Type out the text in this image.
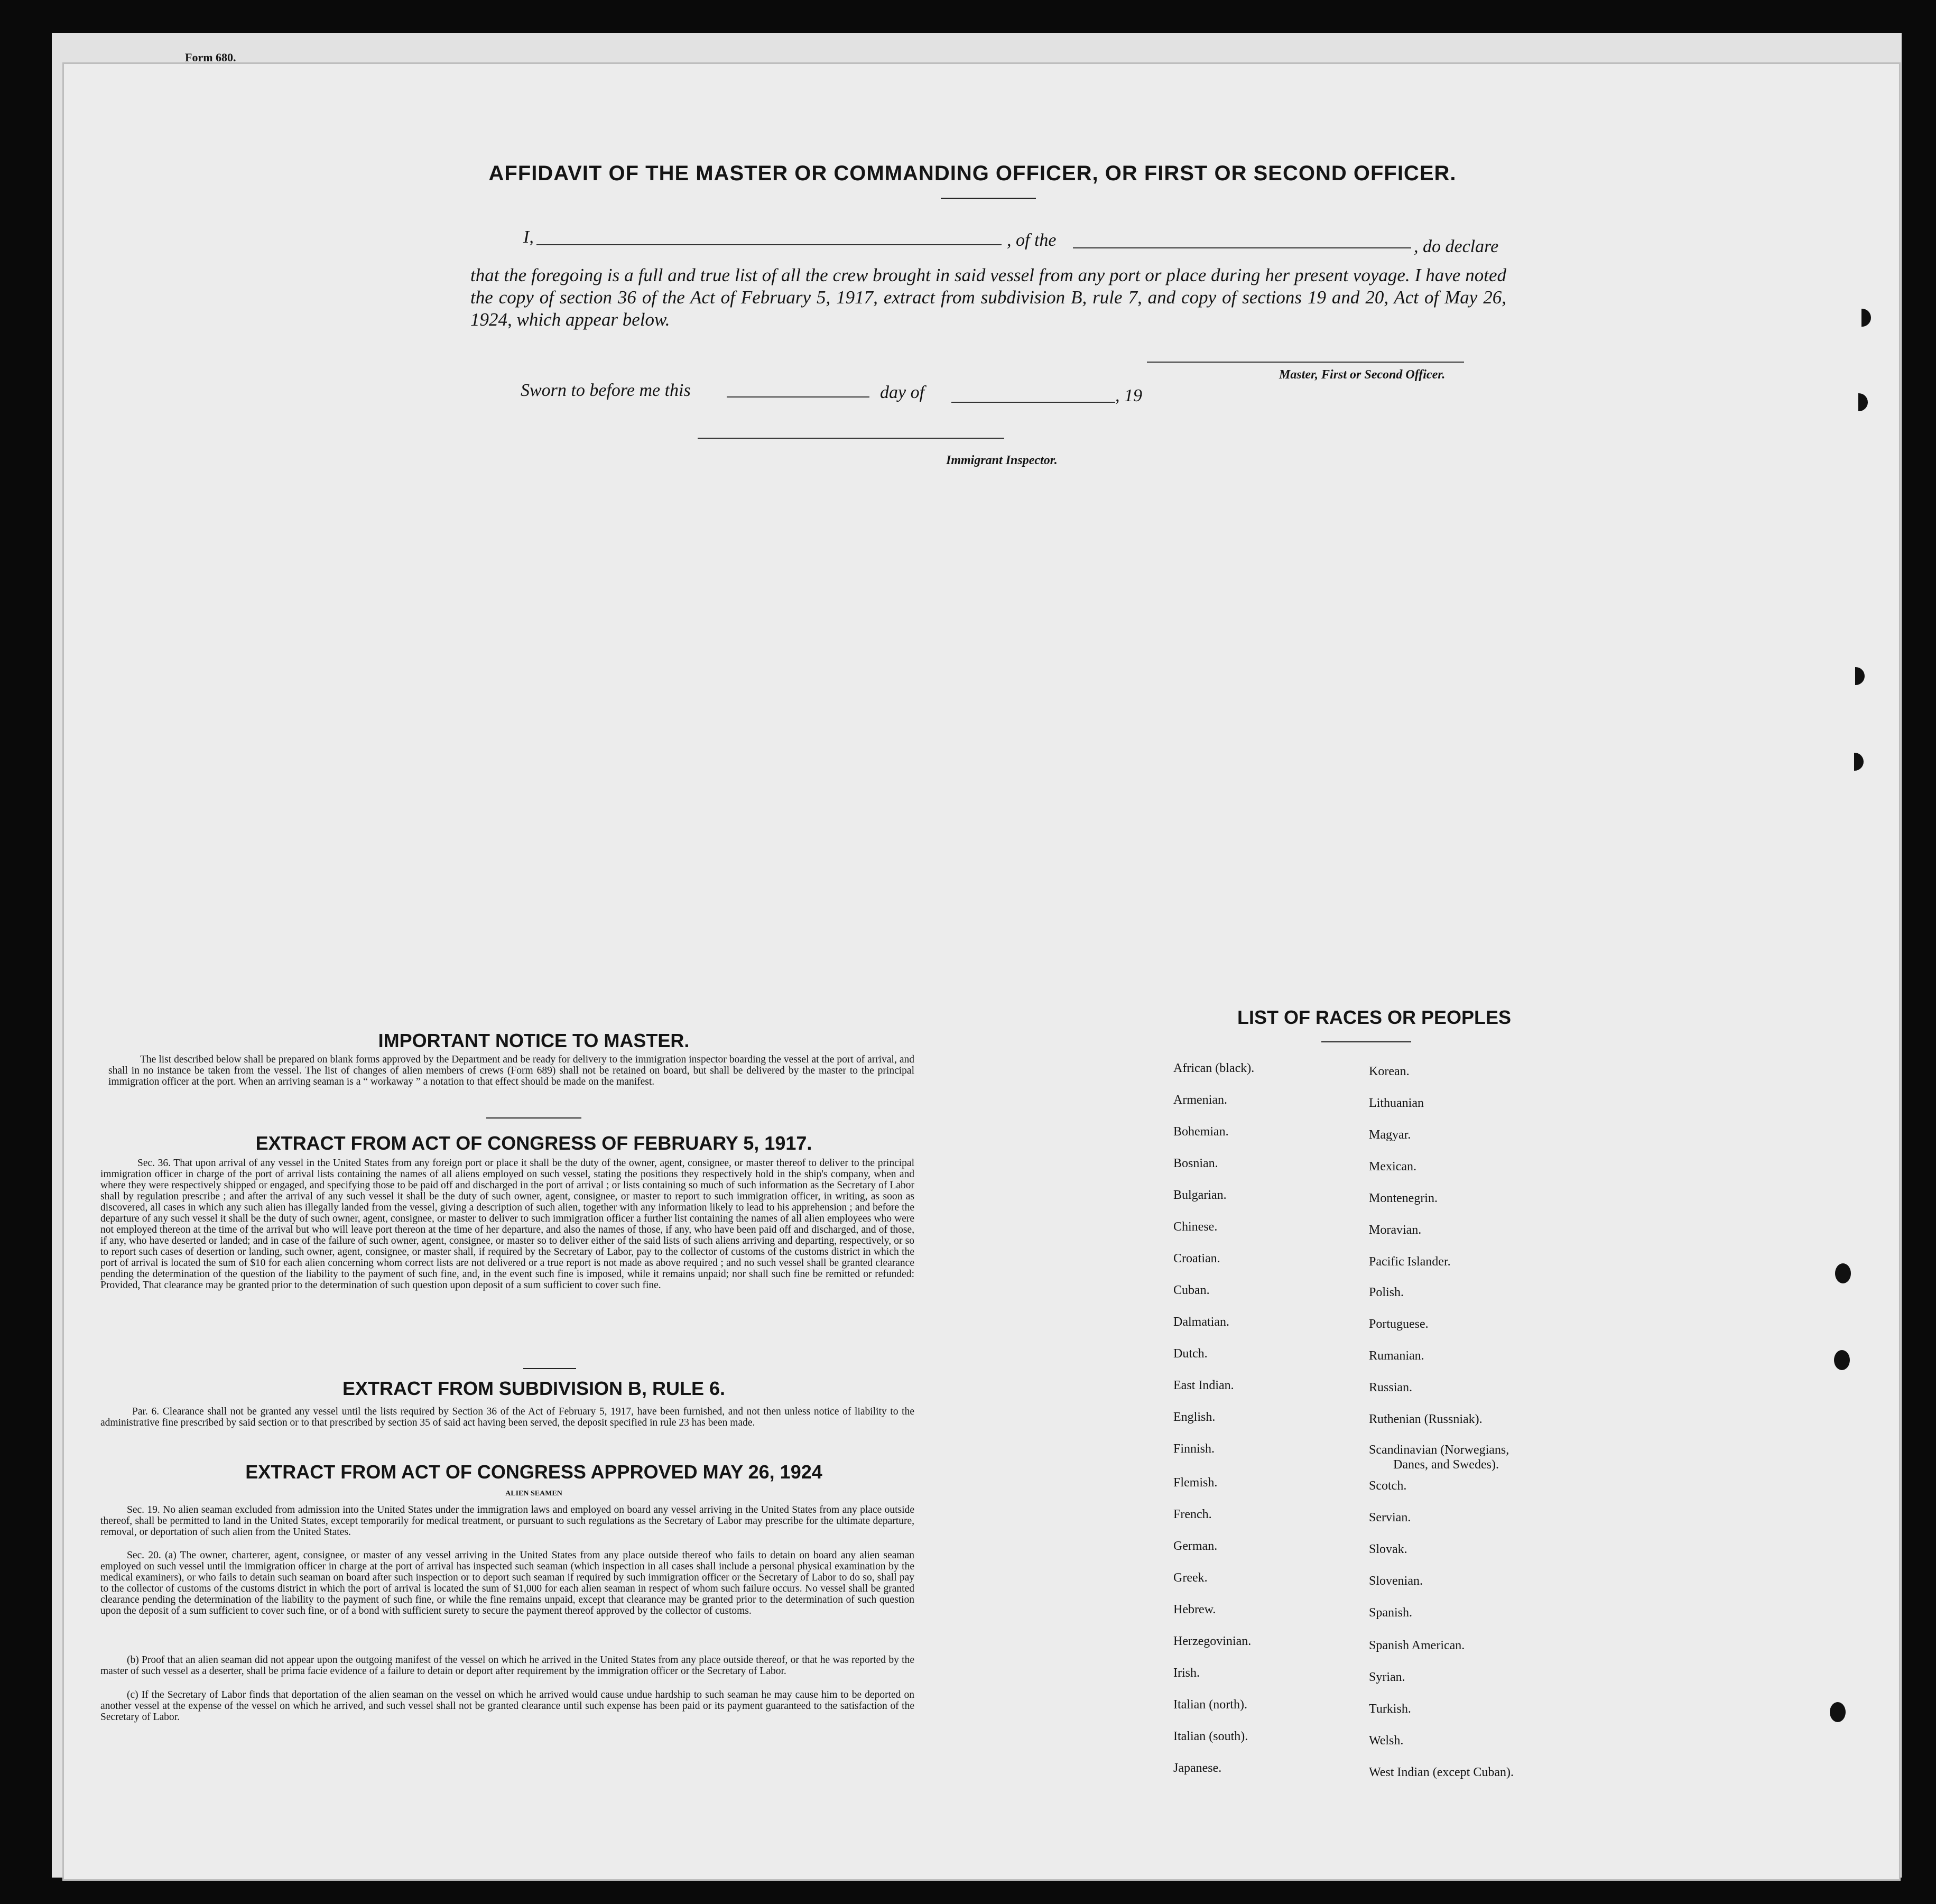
Form 680.
AFFIDAVIT OF THE MASTER OR COMMANDING OFFICER, OR FIRST OR SECOND OFFICER.
I,	, of the	, do declare
that the foregoing is a full and true list of all the crew brought in said vessel from any port or place during her present voyage. I have noted the copy of section 36 of the Act of February 5, 1917, extract from subdivision B, rule 7, and copy of sections 19 and 20, Act of May 26, 1924, which appear below.
Master, First or Second Officer.
Sworn to before me this	day of	, 19
Immigrant Inspector.
IMPORTANT NOTICE TO MASTER.
The list described below shall be prepared on blank forms approved by the Department and be ready for delivery to the immigration inspector boarding the vessel at the port of arrival, and shall in no instance be taken from the vessel. The list of changes of alien members of crews (Form 689) shall not be retained on board, but shall be delivered by the master to the principal immigration officer at the port. When an arriving seaman is a “ workaway ” a notation to that effect should be made on the manifest.
EXTRACT FROM ACT OF CONGRESS OF FEBRUARY 5, 1917.
Sec. 36. That upon arrival of any vessel in the United States from any foreign port or place it shall be the duty of the owner, agent, consignee, or master thereof to deliver to the principal immigration officer in charge of the port of arrival lists containing the names of all aliens employed on such vessel, stating the positions they respectively hold in the ship's company, when and where they were respectively shipped or engaged, and specifying those to be paid off and discharged in the port of arrival ; or lists containing so much of such information as the Secretary of Labor shall by regulation prescribe ; and after the arrival of any such vessel it shall be the duty of such owner, agent, consignee, or master to report to such immigration officer, in writing, as soon as discovered, all cases in which any such alien has illegally landed from the vessel, giving a description of such alien, together with any information likely to lead to his apprehension ; and before the departure of any such vessel it shall be the duty of such owner, agent, consignee, or master to deliver to such immigration officer a further list containing the names of all alien employees who were not employed thereon at the time of the arrival but who will leave port thereon at the time of her departure, and also the names of those, if any, who have been paid off and discharged, and of those, if any, who have deserted or landed; and in case of the failure of such owner, agent, consignee, or master so to deliver either of the said lists of such aliens arriving and departing, respectively, or so to report such cases of desertion or landing, such owner, agent, consignee, or master shall, if required by the Secretary of Labor, pay to the collector of customs of the customs district in which the port of arrival is located the sum of $10 for each alien concerning whom correct lists are not delivered or a true report is not made as above required ; and no such vessel shall be granted clearance pending the determination of the question of the liability to the payment of such fine, and, in the event such fine is imposed, while it remains unpaid; nor shall such fine be remitted or refunded: Provided, That clearance may be granted prior to the determination of such question upon deposit of a sum sufficient to cover such fine.
EXTRACT FROM SUBDIVISION B, RULE 6.
Par. 6. Clearance shall not be granted any vessel until the lists required by Section 36 of the Act of February 5, 1917, have been furnished, and not then unless notice of liability to the administrative fine prescribed by said section or to that prescribed by section 35 of said act having been served, the deposit specified in rule 23 has been made.
EXTRACT FROM ACT OF CONGRESS APPROVED MAY 26, 1924
ALIEN SEAMEN
Sec. 19. No alien seaman excluded from admission into the United States under the immigration laws and employed on board any vessel arriving in the United States from any place outside thereof, shall be permitted to land in the United States, except temporarily for medical treatment, or pursuant to such regulations as the Secretary of Labor may prescribe for the ultimate departure, removal, or deportation of such alien from the United States.
Sec. 20. (a) The owner, charterer, agent, consignee, or master of any vessel arriving in the United States from any place outside thereof who fails to detain on board any alien seaman employed on such vessel until the immigration officer in charge at the port of arrival has inspected such seaman (which inspection in all cases shall include a personal physical examination by the medical examiners), or who fails to detain such seaman on board after such inspection or to deport such seaman if required by such immigration officer or the Secretary of Labor to do so, shall pay to the collector of customs of the customs district in which the port of arrival is located the sum of $1,000 for each alien seaman in respect of whom such failure occurs. No vessel shall be granted clearance pending the determination of the liability to the payment of such fine, or while the fine remains unpaid, except that clearance may be granted prior to the determination of such question upon the deposit of a sum sufficient to cover such fine, or of a bond with sufficient surety to secure the payment thereof approved by the collector of customs.
(b) Proof that an alien seaman did not appear upon the outgoing manifest of the vessel on which he arrived in the United States from any place outside thereof, or that he was reported by the master of such vessel as a deserter, shall be prima facie evidence of a failure to detain or deport after requirement by the immigration officer or the Secretary of Labor.
(c) If the Secretary of Labor finds that deportation of the alien seaman on the vessel on which he arrived would cause undue hardship to such seaman he may cause him to be deported on another vessel at the expense of the vessel on which he arrived, and such vessel shall not be granted clearance until such expense has been paid or its payment guaranteed to the satisfaction of the Secretary of Labor.
LIST OF RACES OR PEOPLES
African (black).
Armenian.
Bohemian.
Bosnian.
Bulgarian.
Chinese.
Croatian.
Cuban.
Dalmatian.
Dutch.
East Indian.
English.
Finnish.
Flemish.
French.
German.
Greek.
Hebrew.
Herzegovinian.
Irish.
Italian (north).
Italian (south).
Japanese.
Korean.
Lithuanian
Magyar.
Mexican.
Montenegrin.
Moravian.
Pacific Islander.
Polish.
Portuguese.
Rumanian.
Russian.
Ruthenian (Russniak).
Scandinavian (Norwegians,
Danes, and Swedes).
Scotch.
Servian.
Slovak.
Slovenian.
Spanish.
Spanish American.
Syrian.
Turkish.
Welsh.
West Indian (except Cuban).
